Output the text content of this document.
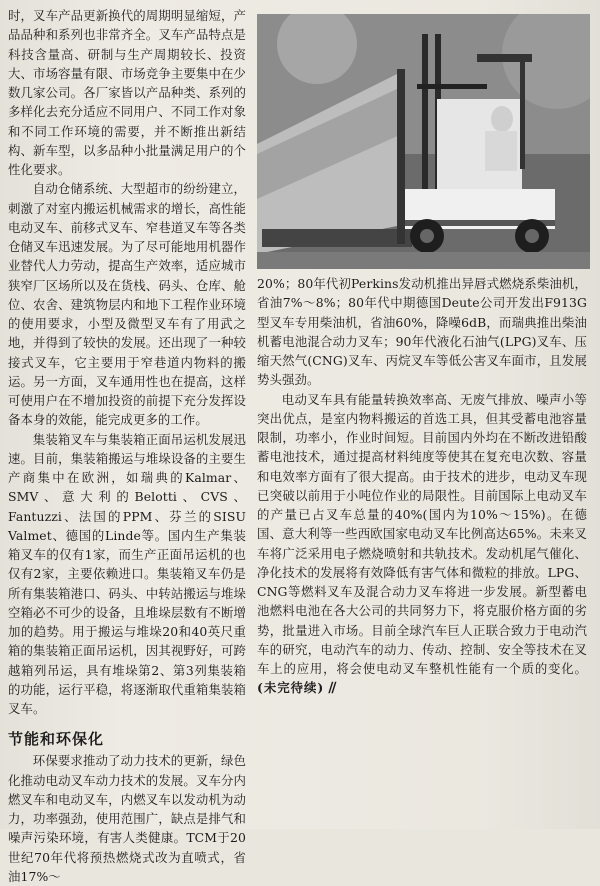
时，叉车产品更新换代的周期明显缩短，产品品种和系列也非常齐全。叉车产品特点是科技含量高、研制与生产周期较长、投资大、市场容量有限、市场竞争主要集中在少数几家公司。各厂家皆以产品种类、系列的多样化去充分适应不同用户、不同工作对象和不同工作环境的需要，并不断推出新结构、新车型，以多品种小批量满足用户的个性化要求。

自动仓储系统、大型超市的纷纷建立，刺激了对室内搬运机械需求的增长，高性能电动叉车、前移式叉车、窄巷道叉车等各类仓储叉车迅速发展。为了尽可能地用机器作业替代人力劳动，提高生产效率，适应城市狭窄厂区场所以及在货栈、码头、仓库、舱位、农舍、建筑物层内和地下工程作业环境的使用要求，小型及微型叉车有了用武之地，并得到了较快的发展。还出现了一种较接式叉车，它主要用于窄巷道内物料的搬运。另一方面，叉车通用性也在提高，这样可使用户在不增加投资的前提下充分发挥设备本身的效能，能完成更多的工作。

集装箱叉车与集装箱正面吊运机发展迅速。目前，集装箱搬运与堆垛设备的主要生产商集中在欧洲，如瑞典的Kalmar、SMV、意大利的Belotti、CVS、Fantuzzi、法国的PPM、芬兰的SISU Valmet、德国的Linde等。国内生产集装箱叉车的仅有1家，而生产正面吊运机的也仅有2家，主要依赖进口。集装箱叉车仍是所有集装箱港口、码头、中转站搬运与堆垛空箱必不可少的设备，且堆垛层数有不断增加的趋势。用于搬运与堆垛20和40英尺重箱的集装箱正面吊运机，因其视野好，可跨越箱列吊运，具有堆垛第2、第3列集装箱的功能，运行平稳，将逐渐取代重箱集装箱叉车。

节能和环保化

环保要求推动了动力技术的更新，绿色化推动电动叉车动力技术的发展。叉车分内燃叉车和电动叉车，内燃叉车以发动机为动力，功率强劲，使用范围广，缺点是排气和噪声污染环境，有害人类健康。TCM于20世纪70年代将预热燃烧式改为直喷式，省油17%～

20%；80年代初Perkins发动机推出异唇式燃烧系柴油机，省油7%～8%；80年代中期德国Deute公司开发出F913G型叉车专用柴油机，省油60%，降噪6dB，而瑞典推出柴油机蓄电池混合动力叉车；90年代液化石油气(LPG)叉车、压缩天然气(CNG)叉车、丙烷叉车等低公害叉车面市，且发展势头强劲。

电动叉车具有能量转换效率高、无废气排放、噪声小等突出优点，是室内物料搬运的首选工具，但其受蓄电池容量限制，功率小，作业时间短。目前国内外均在不断改进铅酸蓄电池技术，通过提高材料纯度等使其在复充电次数、容量和电效率方面有了很大提高。由于技术的进步，电动叉车现已突破以前用于小吨位作业的局限性。目前国际上电动叉车的产量已占叉车总量的40%(国内为10%～15%)。在德国、意大利等一些西欧国家电动叉车比例高达65%。未来叉车将广泛采用电子燃烧喷射和共轨技术。发动机尾气催化、净化技术的发展将有效降低有害气体和微粒的排放。LPG、CNG等燃料叉车及混合动力叉车将进一步发展。新型蓄电池燃料电池在各大公司的共同努力下，将克服价格方面的劣势，批量进入市场。目前全球汽车巨人正联合致力于电动汽车的研究，电动汽车的动力、传动、控制、安全等技术在叉车上的应用，将会使电动叉车整机性能有一个质的变化。(未完待续) ∕∕
